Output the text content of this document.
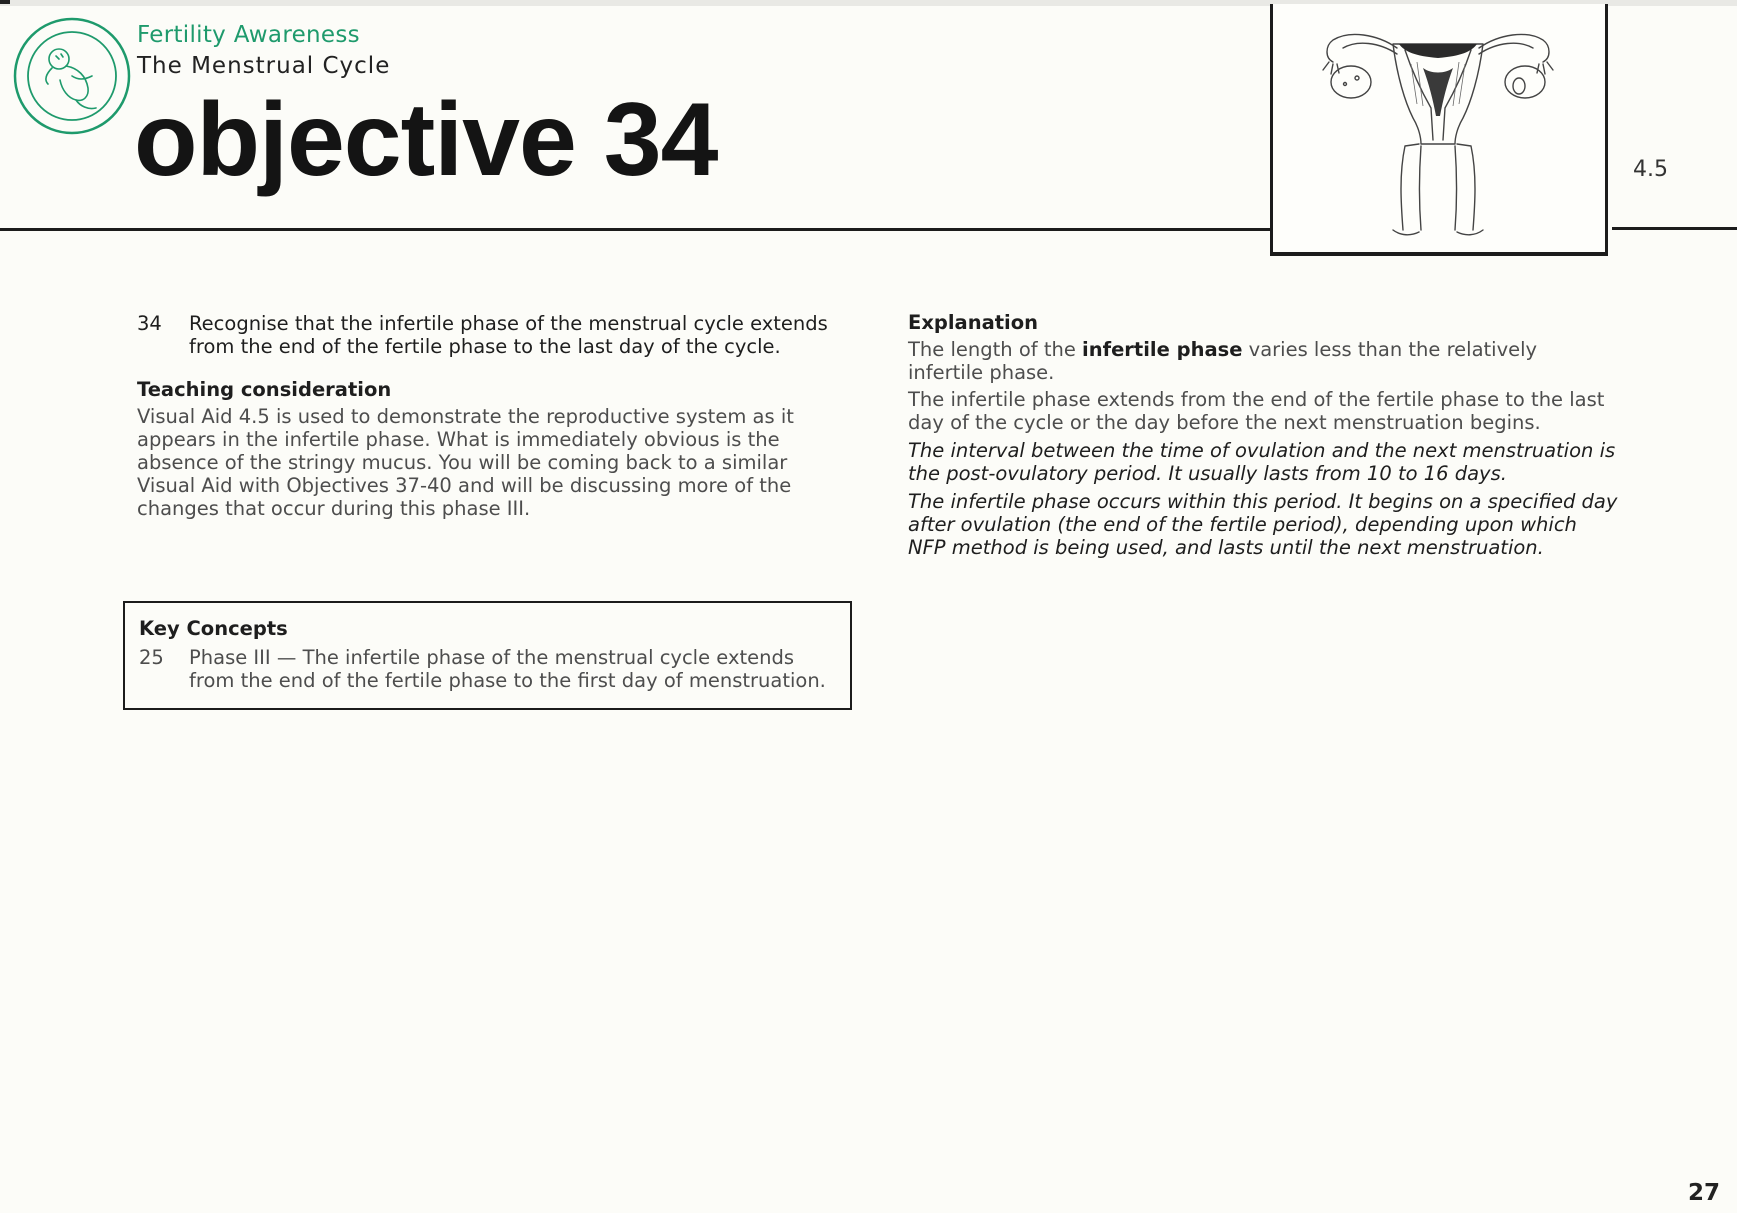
Fertility Awareness
The Menstrual Cycle
objective 34	4.5
34	Recognise that the infertile phase of the menstrual cycle extends from the end of the fertile phase to the last day of the cycle.
Teaching consideration

Visual Aid 4.5 is used to demonstrate the reproductive system as it appears in the infertile phase. What is immediately obvious is the absence of the stringy mucus. You will be coming back to a similar Visual Aid with Objectives 37-40 and will be discussing more of the changes that occur during this phase III.

Key Concepts
25	Phase III — The infertile phase of the menstrual cycle extends from the end of the fertile phase to the first day of menstruation.
Explanation

The length of the infertile phase varies less than the relatively infertile phase.

The infertile phase extends from the end of the fertile phase to the last day of the cycle or the day before the next menstruation begins.

The interval between the time of ovulation and the next menstruation is the post-ovulatory period. It usually lasts from 10 to 16 days.

The infertile phase occurs within this period. It begins on a specified day after ovulation (the end of the fertile period), depending upon which NFP method is being used, and lasts until the next menstruation.

27
